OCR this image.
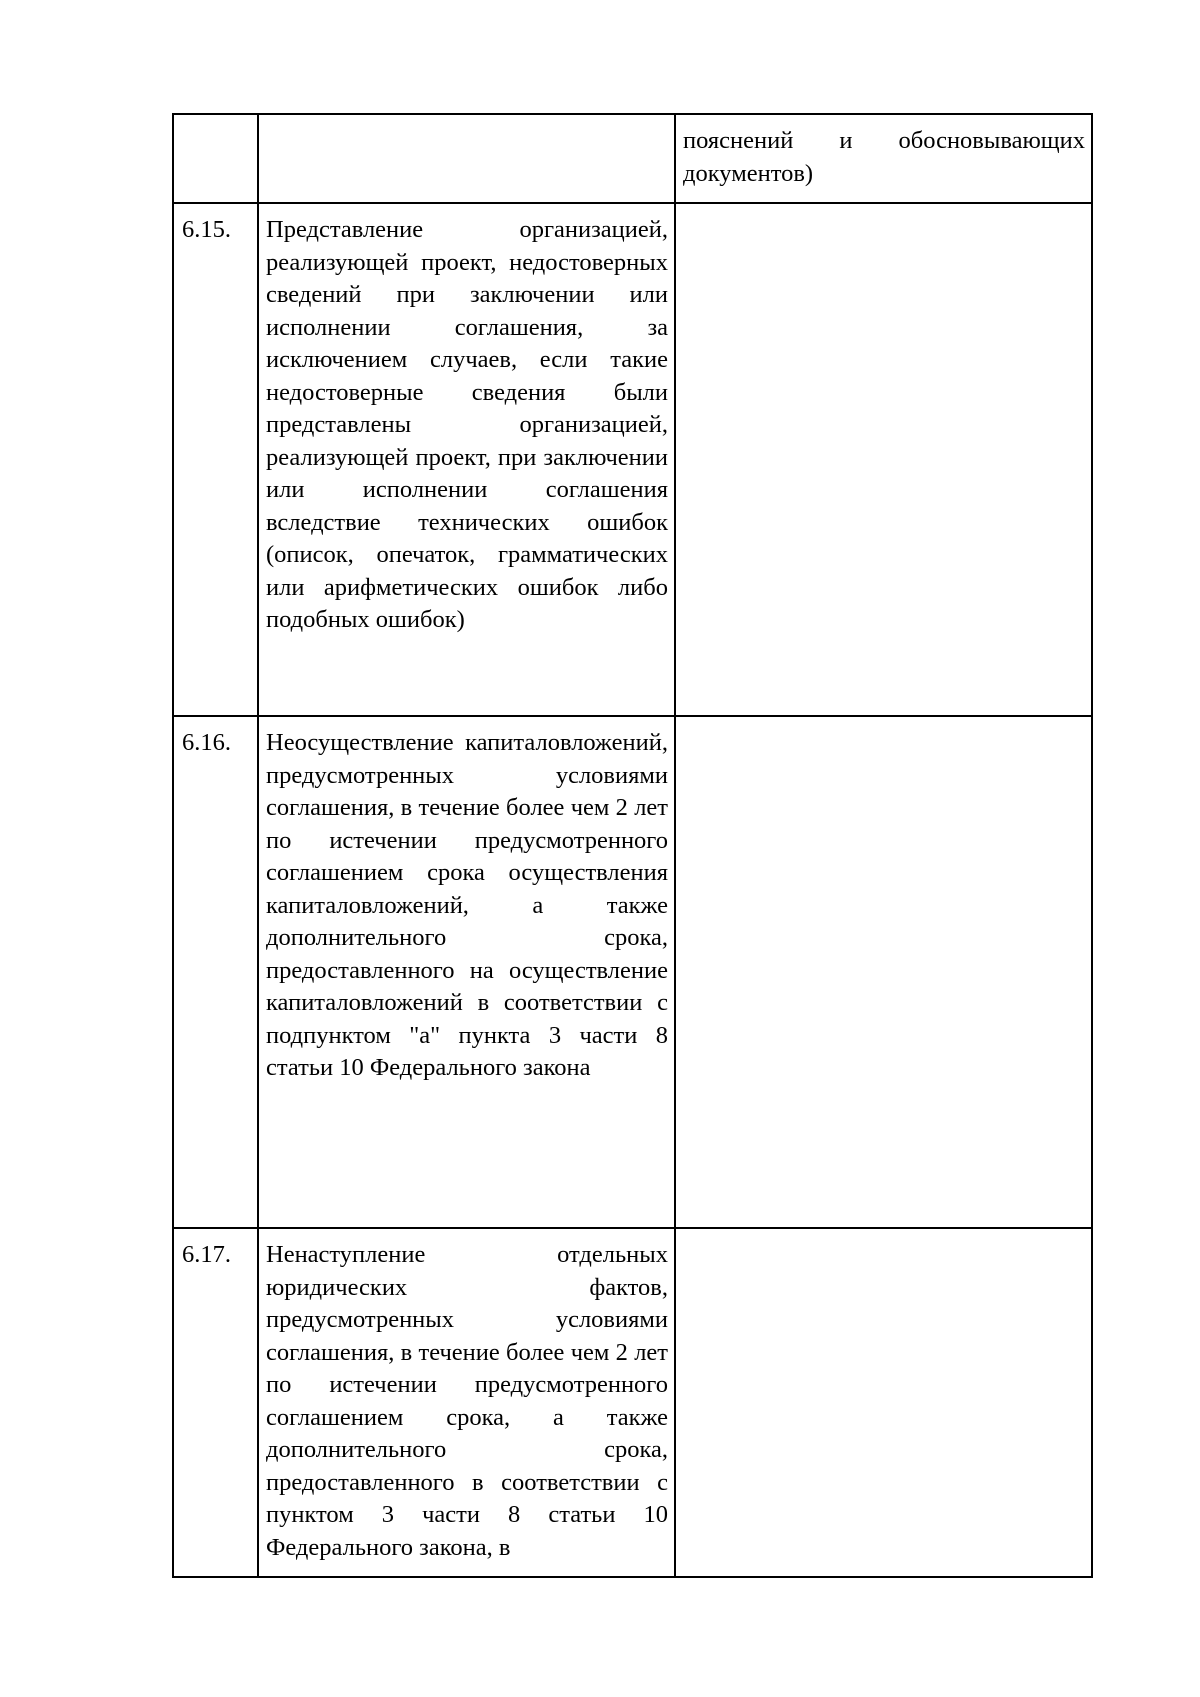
		пояснений и обосновывающих документов)
6.15.	Представление организацией, реализующей проект, недостоверных сведений при заключении или исполнении соглашения, за исключением случаев, если такие недостоверные сведения были представлены организацией, реализующей проект, при заключении или исполнении соглашения вследствие технических ошибок (описок, опечаток, грамматических или арифметических ошибок либо подобных ошибок)	
6.16.	Неосуществление капиталовложений, предусмотренных условиями соглашения, в течение более чем 2 лет по истечении предусмотренного соглашением срока осуществления капиталовложений, а также дополнительного срока, предоставленного на осуществление капиталовложений в соответствии с подпунктом "а" пункта 3 части 8 статьи 10 Федерального закона	
6.17.	Ненаступление отдельных юридических фактов, предусмотренных условиями соглашения, в течение более чем 2 лет по истечении предусмотренного соглашением срока, а также дополнительного срока, предоставленного в соответствии с пунктом 3 части 8 статьи 10 Федерального закона, в	
